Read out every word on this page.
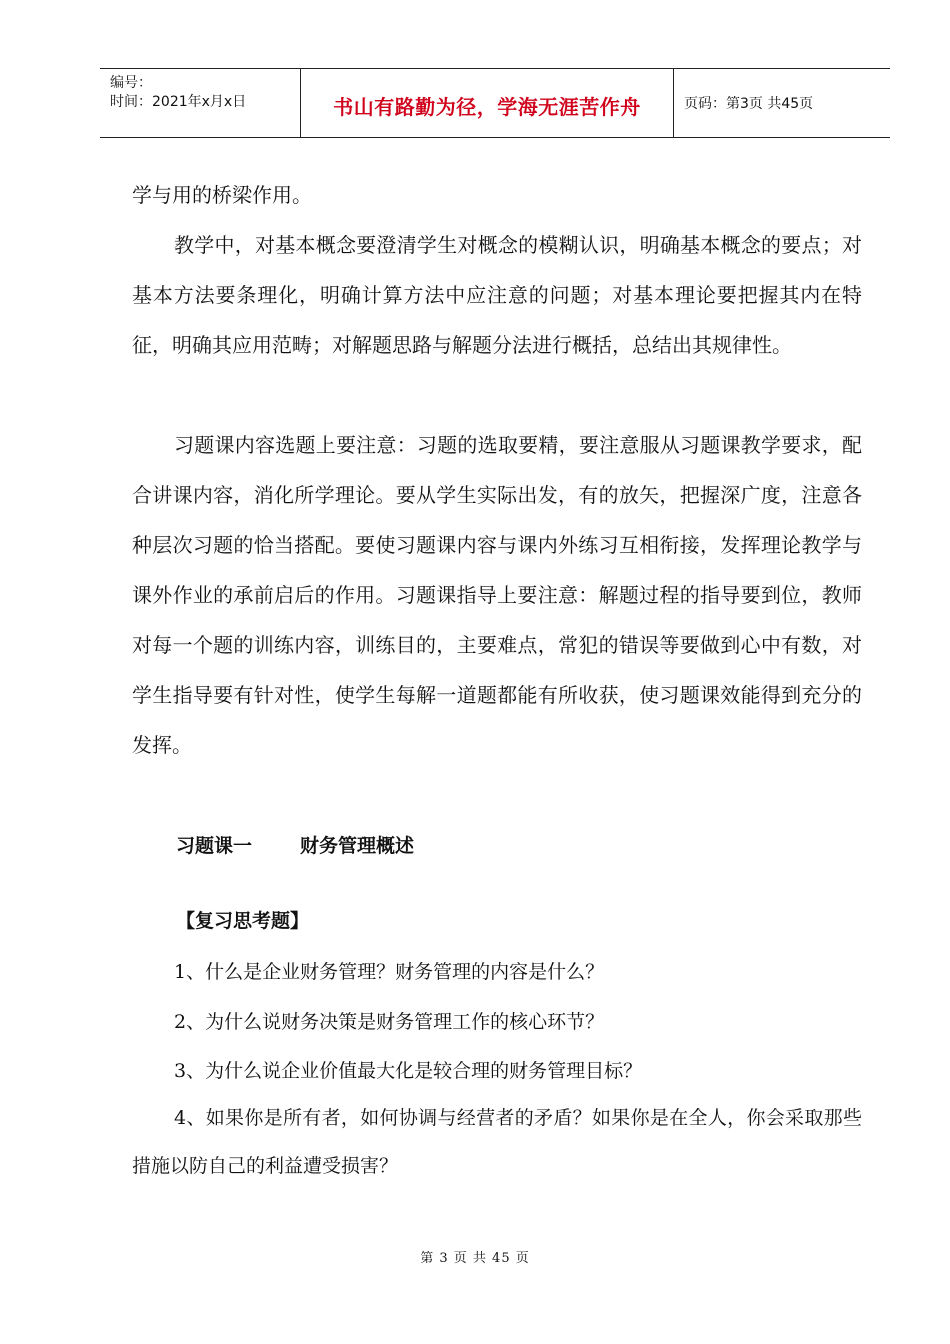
编号：
时间：2021年x月x日	书山有路勤为径，学海无涯苦作舟	页码：第3页 共45页

学与用的桥梁作用。

教学中，对基本概念要澄清学生对概念的模糊认识，明确基本概念的要点；对基本方法要条理化，明确计算方法中应注意的问题；对基本理论要把握其内在特征，明确其应用范畴；对解题思路与解题分法进行概括，总结出其规律性。

习题课内容选题上要注意：习题的选取要精，要注意服从习题课教学要求，配合讲课内容，消化所学理论。要从学生实际出发，有的放矢，把握深广度，注意各种层次习题的恰当搭配。要使习题课内容与课内外练习互相衔接，发挥理论教学与课外作业的承前启后的作用。习题课指导上要注意：解题过程的指导要到位，教师对每一个题的训练内容，训练目的，主要难点，常犯的错误等要做到心中有数，对学生指导要有针对性，使学生每解一道题都能有所收获，使习题课效能得到充分的发挥。

习题课一	财务管理概述
【复习思考题】
1、什么是企业财务管理？财务管理的内容是什么？
2、为什么说财务决策是财务管理工作的核心环节？
3、为什么说企业价值最大化是较合理的财务管理目标？

4、如果你是所有者，如何协调与经营者的矛盾？如果你是在全人，你会采取那些措施以防自己的利益遭受损害？

第 3 页 共 45 页
